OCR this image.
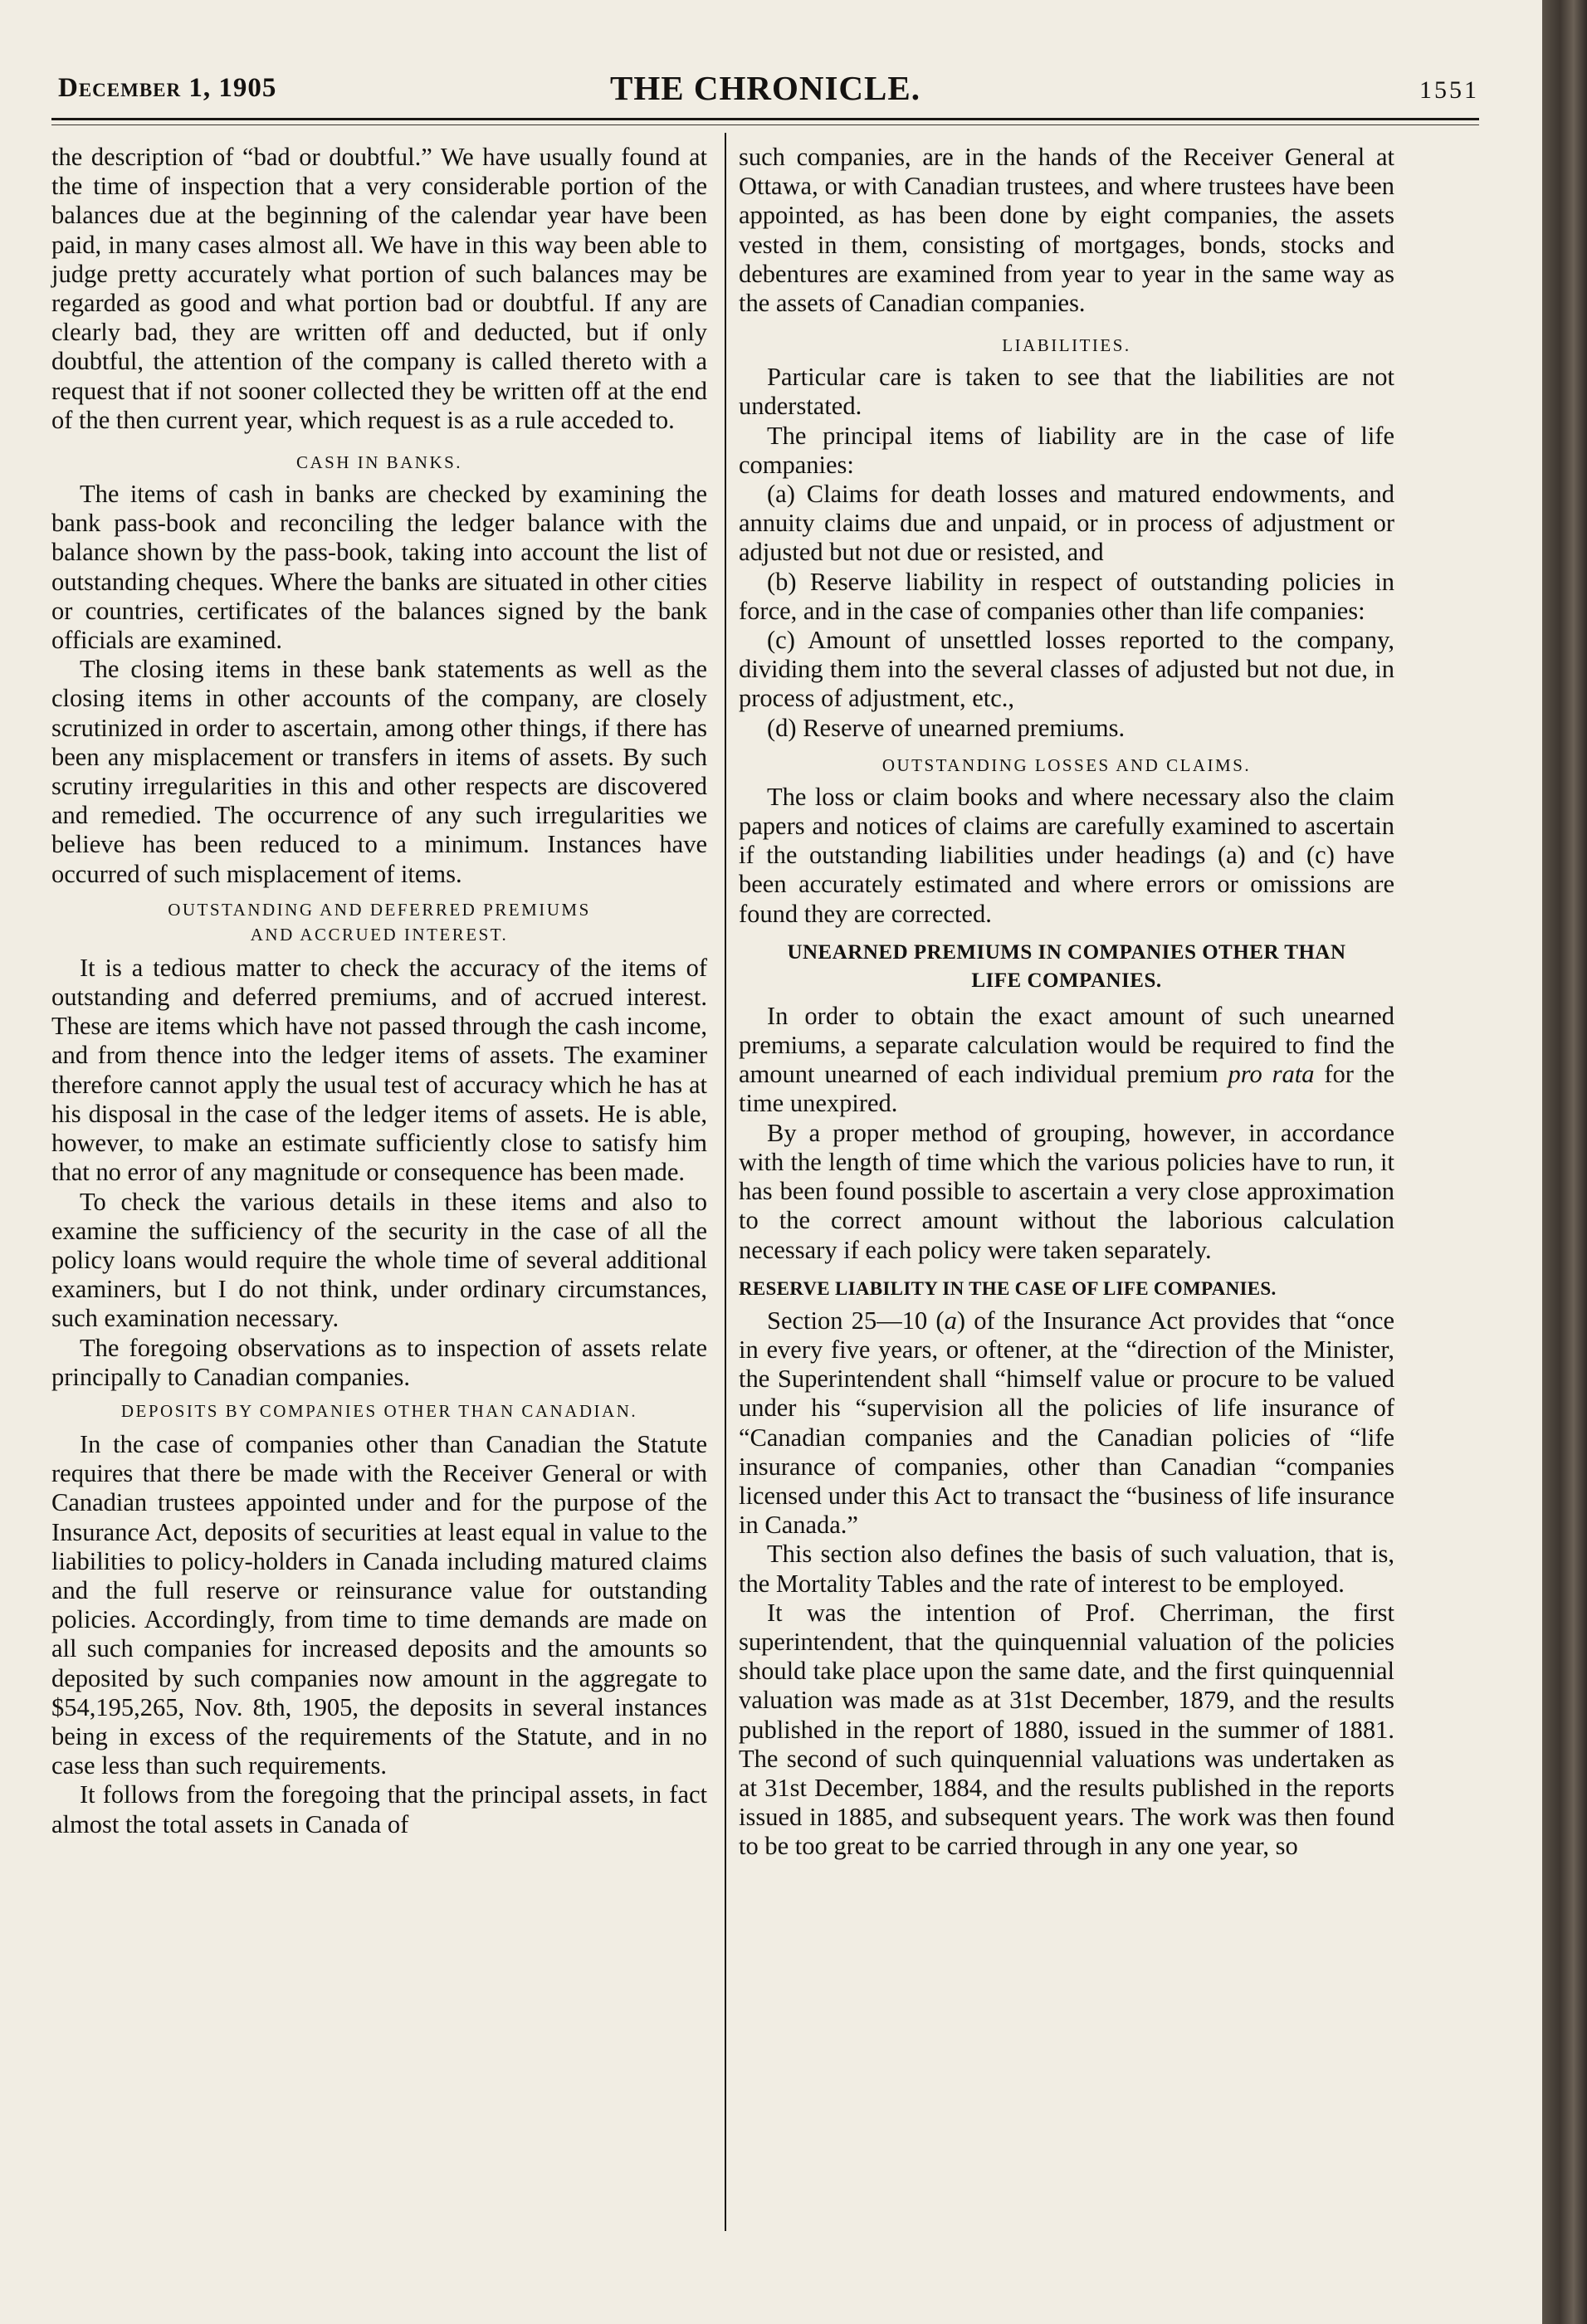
December 1, 1905	THE CHRONICLE.	1551

the description of “bad or doubtful.” We have usually found at the time of inspection that a very considerable portion of the balances due at the beginning of the calendar year have been paid, in many cases almost all. We have in this way been able to judge pretty accurately what portion of such balances may be regarded as good and what portion bad or doubtful. If any are clearly bad, they are written off and deducted, but if only doubtful, the attention of the company is called thereto with a request that if not sooner collected they be written off at the end of the then current year, which request is as a rule acceded to.

CASH IN BANKS.

The items of cash in banks are checked by examining the bank pass-book and reconciling the ledger balance with the balance shown by the pass-book, taking into account the list of outstanding cheques. Where the banks are situated in other cities or countries, certificates of the balances signed by the bank officials are examined.

The closing items in these bank statements as well as the closing items in other accounts of the company, are closely scrutinized in order to ascertain, among other things, if there has been any misplacement or transfers in items of assets. By such scrutiny irregularities in this and other respects are discovered and remedied. The occurrence of any such irregularities we believe has been reduced to a minimum. Instances have occurred of such misplacement of items.

OUTSTANDING AND DEFERRED PREMIUMS
AND ACCRUED INTEREST.

It is a tedious matter to check the accuracy of the items of outstanding and deferred premiums, and of accrued interest. These are items which have not passed through the cash income, and from thence into the ledger items of assets. The examiner therefore cannot apply the usual test of accuracy which he has at his disposal in the case of the ledger items of assets. He is able, however, to make an estimate sufficiently close to satisfy him that no error of any magnitude or consequence has been made.

To check the various details in these items and also to examine the sufficiency of the security in the case of all the policy loans would require the whole time of several additional examiners, but I do not think, under ordinary circumstances, such examination necessary.

The foregoing observations as to inspection of assets relate principally to Canadian companies.

DEPOSITS BY COMPANIES OTHER THAN CANADIAN.

In the case of companies other than Canadian the Statute requires that there be made with the Receiver General or with Canadian trustees appointed under and for the purpose of the Insurance Act, deposits of securities at least equal in value to the liabilities to policy-holders in Canada including matured claims and the full reserve or reinsurance value for outstanding policies. Accordingly, from time to time demands are made on all such companies for increased deposits and the amounts so deposited by such companies now amount in the aggregate to $54,195,265, Nov. 8th, 1905, the deposits in several instances being in excess of the requirements of the Statute, and in no case less than such requirements.

It follows from the foregoing that the principal assets, in fact almost the total assets in Canada of

such companies, are in the hands of the Receiver General at Ottawa, or with Canadian trustees, and where trustees have been appointed, as has been done by eight companies, the assets vested in them, consisting of mortgages, bonds, stocks and debentures are examined from year to year in the same way as the assets of Canadian companies.

LIABILITIES.

Particular care is taken to see that the liabilities are not understated.

The principal items of liability are in the case of life companies:

(a) Claims for death losses and matured endowments, and annuity claims due and unpaid, or in process of adjustment or adjusted but not due or resisted, and

(b) Reserve liability in respect of outstanding policies in force, and in the case of companies other than life companies:

(c) Amount of unsettled losses reported to the company, dividing them into the several classes of adjusted but not due, in process of adjustment, etc.,

(d) Reserve of unearned premiums.

OUTSTANDING LOSSES AND CLAIMS.

The loss or claim books and where necessary also the claim papers and notices of claims are carefully examined to ascertain if the outstanding liabilities under headings (a) and (c) have been accurately estimated and where errors or omissions are found they are corrected.

UNEARNED PREMIUMS IN COMPANIES OTHER THAN
LIFE COMPANIES.

In order to obtain the exact amount of such unearned premiums, a separate calculation would be required to find the amount unearned of each individual premium pro rata for the time unexpired.

By a proper method of grouping, however, in accordance with the length of time which the various policies have to run, it has been found possible to ascertain a very close approximation to the correct amount without the laborious calculation necessary if each policy were taken separately.

RESERVE LIABILITY IN THE CASE OF LIFE COMPANIES.

Section 25—10 (a) of the Insurance Act provides that “once in every five years, or oftener, at the “direction of the Minister, the Superintendent shall “himself value or procure to be valued under his “supervision all the policies of life insurance of “Canadian companies and the Canadian policies of “life insurance of companies, other than Canadian “companies licensed under this Act to transact the “business of life insurance in Canada.”

This section also defines the basis of such valuation, that is, the Mortality Tables and the rate of interest to be employed.

It was the intention of Prof. Cherriman, the first superintendent, that the quinquennial valuation of the policies should take place upon the same date, and the first quinquennial valuation was made as at 31st December, 1879, and the results published in the report of 1880, issued in the summer of 1881. The second of such quinquennial valuations was undertaken as at 31st December, 1884, and the results published in the reports issued in 1885, and subsequent years. The work was then found to be too great to be carried through in any one year, so
